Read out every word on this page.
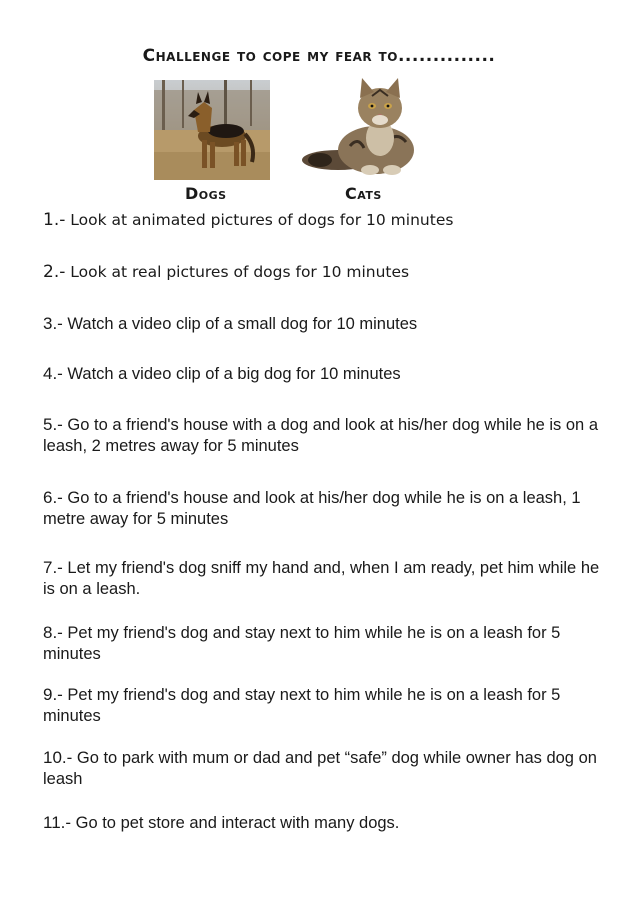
Challenge to cope my fear to..............
Dogs	Cats
1.- Look at animated pictures of dogs for 10 minutes
2.- Look at real pictures of dogs for 10 minutes
3.- Watch a video clip of a small dog for 10 minutes
4.- Watch a video clip of a big dog for 10 minutes
5.- Go to a friend's house with a dog and look at his/her dog while he is on a leash, 2 metres away for 5 minutes
6.- Go to a friend's house and look at his/her dog while he is on a leash, 1 metre away for 5 minutes
7.- Let my friend's dog sniff my hand and, when I am ready, pet him while he is on a leash.
8.- Pet my friend's dog and stay next to him while he is on a leash for 5 minutes
9.- Pet my friend's dog and stay next to him while he is on a leash for 5 minutes
10.- Go to park with mum or dad and pet “safe” dog while owner has dog on leash
11.- Go to pet store and interact with many dogs.
